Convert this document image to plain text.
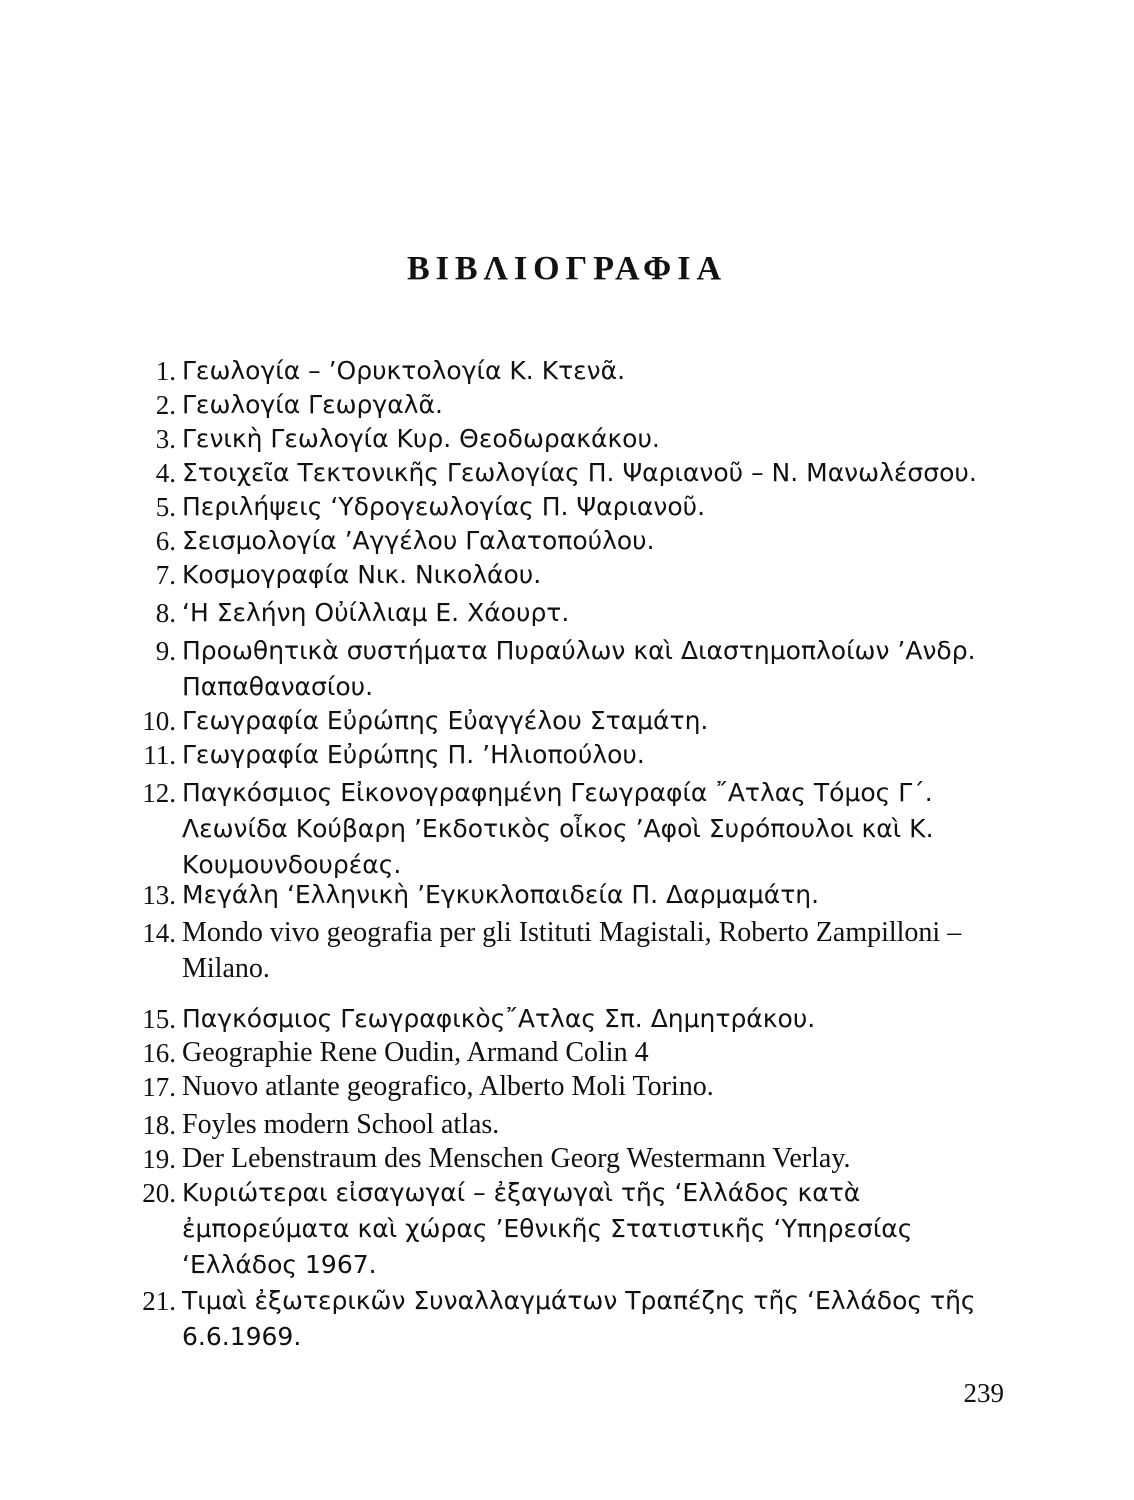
ΒΙΒΛΙΟΓΡΑΦΙΑ
1. Γεωλογία – ’Ορυκτολογία Κ. Κτενᾶ.
2. Γεωλογία Γεωργαλᾶ.
3. Γενικὴ Γεωλογία Κυρ. Θεοδωρακάκου.
4. Στοιχεῖα Τεκτονικῆς Γεωλογίας Π. Ψαριανοῦ – Ν. Μανωλέσσου.
5. Περιλήψεις ‘Υδρογεωλογίας Π. Ψαριανοῦ.
6. Σεισμολογία ’Αγγέλου Γαλατοπούλου.
7. Κοσμογραφία Νικ. Νικολάου.
8. ‘Η Σελήνη Οὐίλλιαμ Ε. Χάουρτ.
9. Προωθητικὰ συστήματα Πυραύλων καὶ Διαστημοπλοίων ’Ανδρ. Παπαθανασίου.
10. Γεωγραφία Εὐρώπης Εὐαγγέλου Σταμάτη.
11. Γεωγραφία Εὐρώπης Π. ’Ηλιοπούλου.
12. Παγκόσμιος Εἰκονογραφημένη Γεωγραφία ῎Ατλας Τόμος Γ΄. Λεωνίδα Κούβαρη ’Εκδοτικὸς οἶκος ’Αφοὶ Συρόπουλοι καὶ Κ. Κουμουνδουρέας.
13. Μεγάλη ‘Ελληνικὴ ’Εγκυκλοπαιδεία Π. Δαρμαμάτη.
14. Mondo vivo geografia per gli Istituti Magistali, Roberto Zampilloni – Milano.
15. Παγκόσμιος Γεωγραφικὸς῎Ατλας Σπ. Δημητράκου.
16. Geographie Rene Oudin, Armand Colin 4
17. Nuovo atlante geografico, Alberto Moli Torino.
18. Foyles modern School atlas.
19. Der Lebenstraum des Menschen Georg Westermann Verlay.
20. Κυριώτεραι εἰσαγωγαί – ἐξαγωγαὶ τῆς ‘Ελλάδος κατὰ ἐμπορεύματα καὶ χώρας ’Εθνικῆς Στατιστικῆς ‘Υπηρεσίας ‘Ελλάδος 1967.
21. Τιμαὶ ἐξωτερικῶν Συναλλαγμάτων Τραπέζης τῆς ‘Ελλάδος τῆς 6.6.1969.
239
